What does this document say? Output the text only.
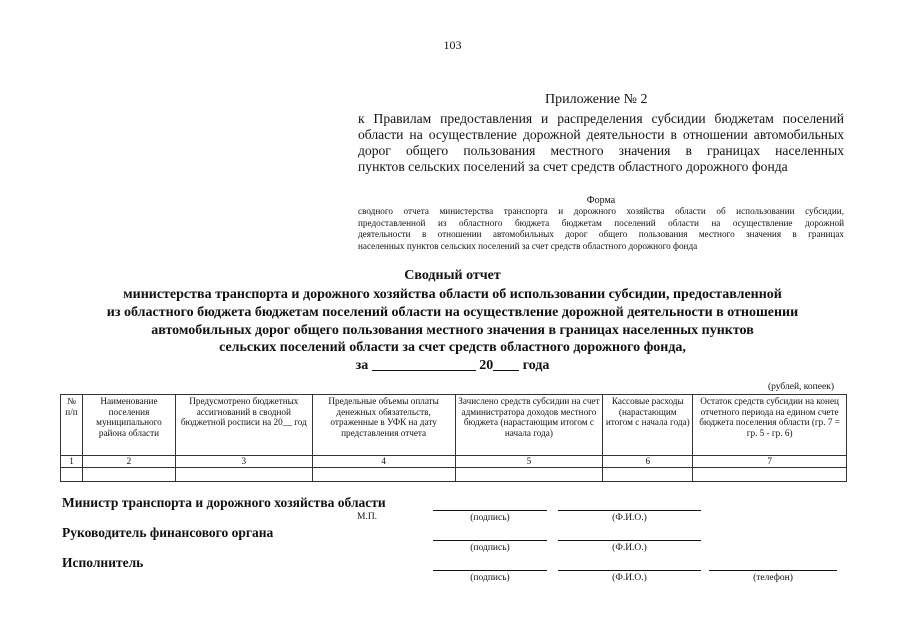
103
Приложение № 2
к Правилам предоставления и распределения субсидии бюджетам поселений
области на осуществление дорожной деятельности в отношении автомобильных
дорог общего пользования местного значения в границах населенных
пунктов сельских поселений за счет средств областного дорожного фонда
Форма
сводного отчета министерства транспорта и дорожного хозяйства области об использовании субсидии,
предоставленной из областного бюджета бюджетам поселений области на осуществление дорожной
деятельности в отношении автомобильных дорог общего пользования местного значения в границах
населенных пунктов сельских поселений за счет средств областного дорожного фонда
Сводный отчет
министерства транспорта и дорожного хозяйства области об использовании субсидии, предоставленной
из областного бюджета бюджетам поселений области на осуществление дорожной деятельности в отношении
автомобильных дорог общего пользования местного значения в границах населенных пунктов
сельских поселений области за счет средств областного дорожного фонда,
за	20 года
(рублей, копеек)
№ п/п	Наименование поселения муниципального района области	Предусмотрено бюджетных ассигнований в сводной бюджетной росписи на 20__ год	Предельные объемы оплаты денежных обязательств, отраженные в УФК на дату представления отчета	Зачислено средств субсидии на счет администратора доходов местного бюджета (нарастающим итогом с начала года)	Кассовые расходы (нарастающим итогом с начала года)	Остаток средств субсидии на конец отчетного периода на едином счете бюджета поселения области (гр. 7 = гр. 5 - гр. 6)
1	2	3	4	5	6	7

Министр транспорта и дорожного хозяйства области
М.П.	(подпись)	(Ф.И.О.)
Руководитель финансового органа
(подпись)	(Ф.И.О.)
Исполнитель
(подпись)	(Ф.И.О.)	(телефон)
